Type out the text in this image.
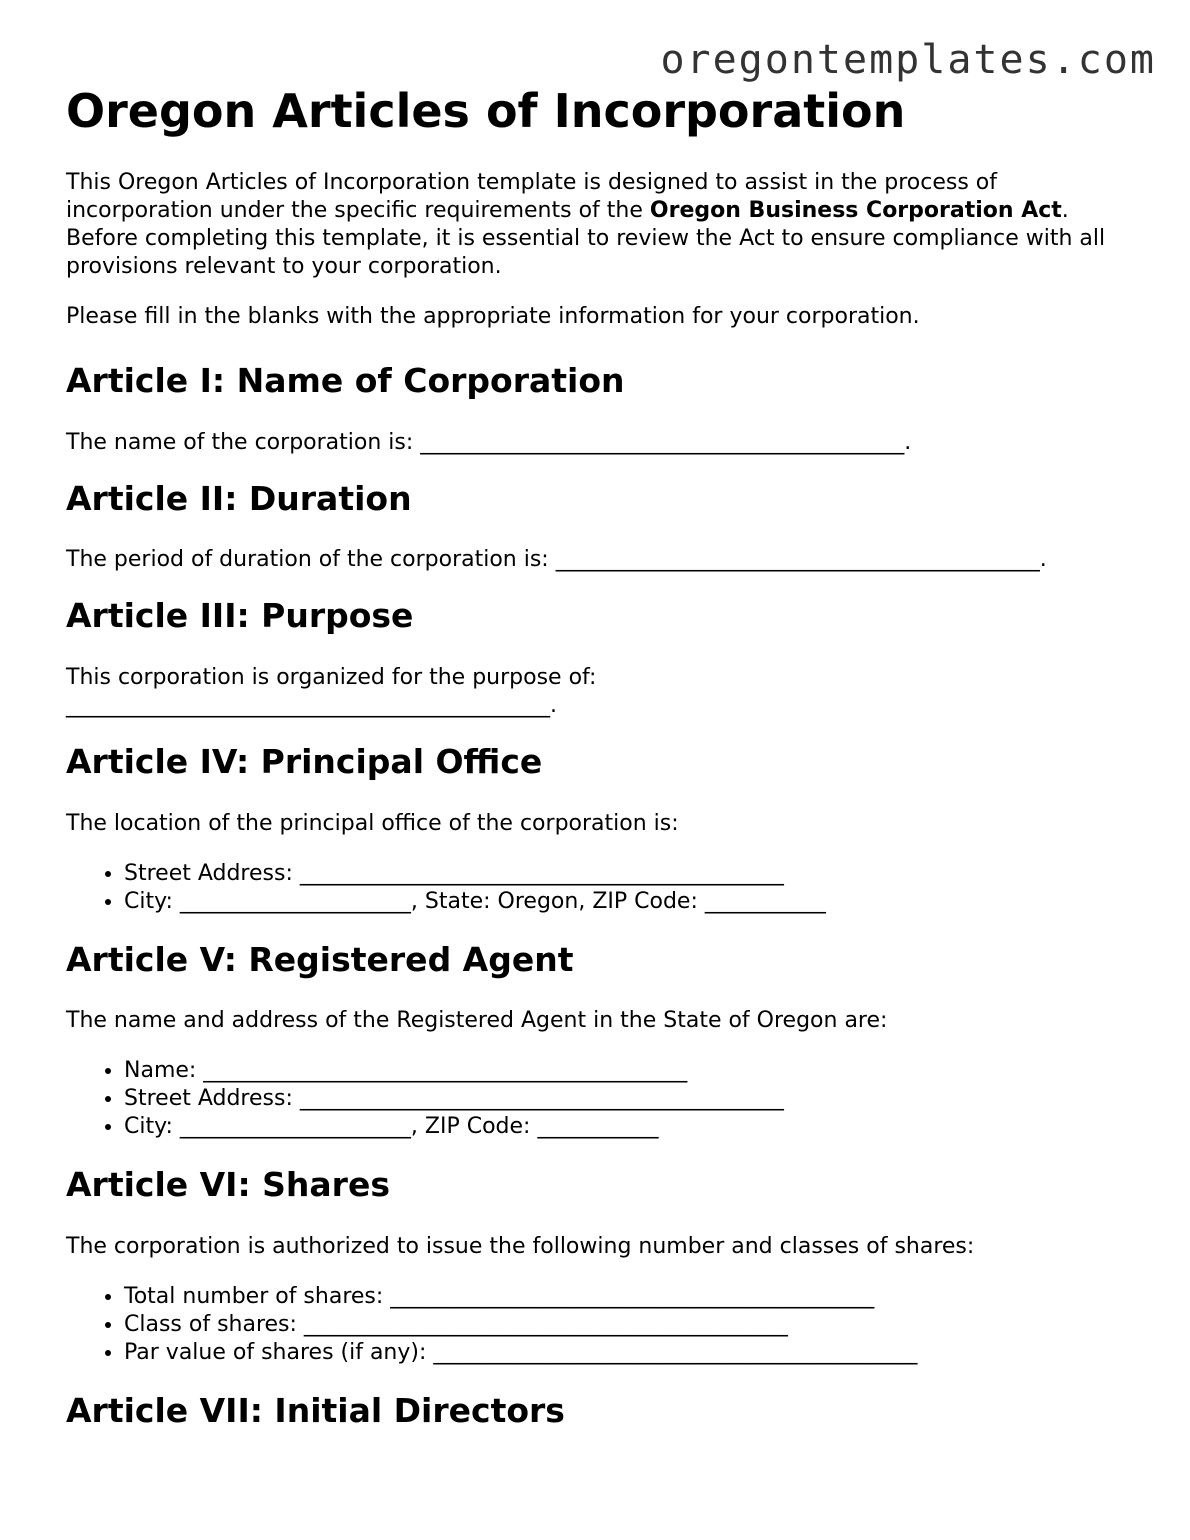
oregontemplates.com
Oregon Articles of Incorporation

This Oregon Articles of Incorporation template is designed to assist in the process of incorporation under the specific requirements of the Oregon Business Corporation Act. Before completing this template, it is essential to review the Act to ensure compliance with all provisions relevant to your corporation.

Please fill in the blanks with the appropriate information for your corporation.

Article I: Name of Corporation

The name of the corporation is: ____________________________________________.

Article II: Duration

The period of duration of the corporation is: ____________________________________________.

Article III: Purpose

This corporation is organized for the purpose of: ____________________________________________.

Article IV: Principal Office

The location of the principal office of the corporation is:

• Street Address: ____________________________________________
• City: _____________________, State: Oregon, ZIP Code: ___________
Article V: Registered Agent

The name and address of the Registered Agent in the State of Oregon are:

• Name: ____________________________________________
• Street Address: ____________________________________________
• City: _____________________, ZIP Code: ___________
Article VI: Shares

The corporation is authorized to issue the following number and classes of shares:

• Total number of shares: ____________________________________________
• Class of shares: ____________________________________________
• Par value of shares (if any): ____________________________________________
Article VII: Initial Directors
